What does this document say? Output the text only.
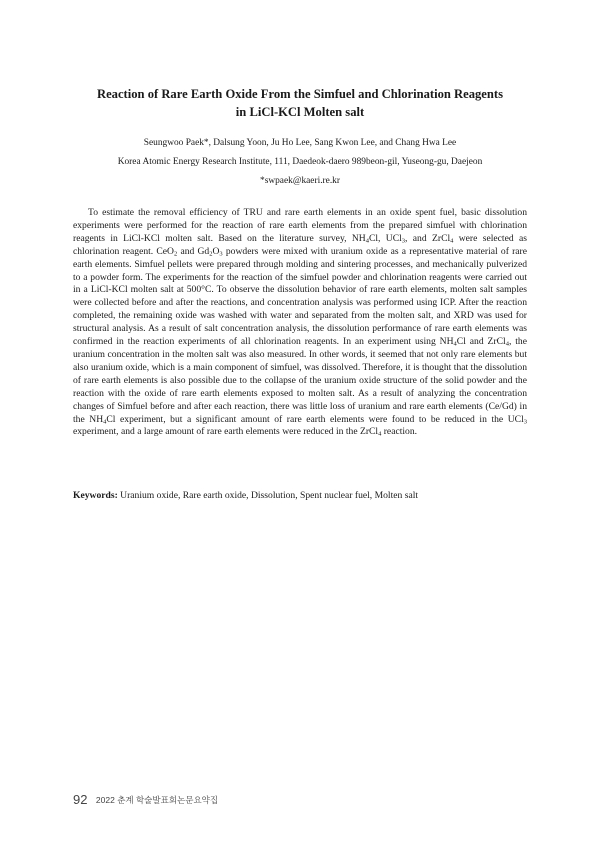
Reaction of Rare Earth Oxide From the Simfuel and Chlorination Reagents
in LiCl-KCl Molten salt

Seungwoo Paek*, Dalsung Yoon, Ju Ho Lee, Sang Kwon Lee, and Chang Hwa Lee

Korea Atomic Energy Research Institute, 111, Daedeok-daero 989beon-gil, Yuseong-gu, Daejeon

*swpaek@kaeri.re.kr

To estimate the removal efficiency of TRU and rare earth elements in an oxide spent fuel, basic dissolution experiments were performed for the reaction of rare earth elements from the prepared simfuel with chlorination reagents in LiCl-KCl molten salt. Based on the literature survey, $NH_4Cl$, UCl$_3$, and ZrCl$_4$ were selected as chlorination reagent. CeO$_2$ and $Gd_2O_3$ powders were mixed with uranium oxide as a representative material of rare earth elements. Simfuel pellets were prepared through molding and sintering processes, and mechanically pulverized to a powder form. The experiments for the reaction of the simfuel powder and chlorination reagents were carried out in a LiCl-KCl molten salt at 500°C. To observe the dissolution behavior of rare earth elements, molten salt samples were collected before and after the reactions, and concentration analysis was performed using ICP. After the reaction completed, the remaining oxide was washed with water and separated from the molten salt, and XRD was used for structural analysis. As a result of salt concentration analysis, the dissolution performance of rare earth elements was confirmed in the reaction experiments of all chlorination reagents. In an experiment using $NH_4Cl$ and ZrCl$_4$, the uranium concentration in the molten salt was also measured. In other words, it seemed that not only rare elements but also uranium oxide, which is a main component of simfuel, was dissolved. Therefore, it is thought that the dissolution of rare earth elements is also possible due to the collapse of the uranium oxide structure of the solid powder and the reaction with the oxide of rare earth elements exposed to molten salt. As a result of analyzing the concentration changes of Simfuel before and after each reaction, there was little loss of uranium and rare earth elements (Ce/Gd) in the $NH_4Cl$ experiment, but a significant amount of rare earth elements were found to be reduced in the UCl$_3$ experiment, and a large amount of rare earth elements were reduced in the ZrCl$_4$ reaction.

Keywords: Uranium oxide, Rare earth oxide, Dissolution, Spent nuclear fuel, Molten salt

92 2022 춘계 학술발표회논문요약집
